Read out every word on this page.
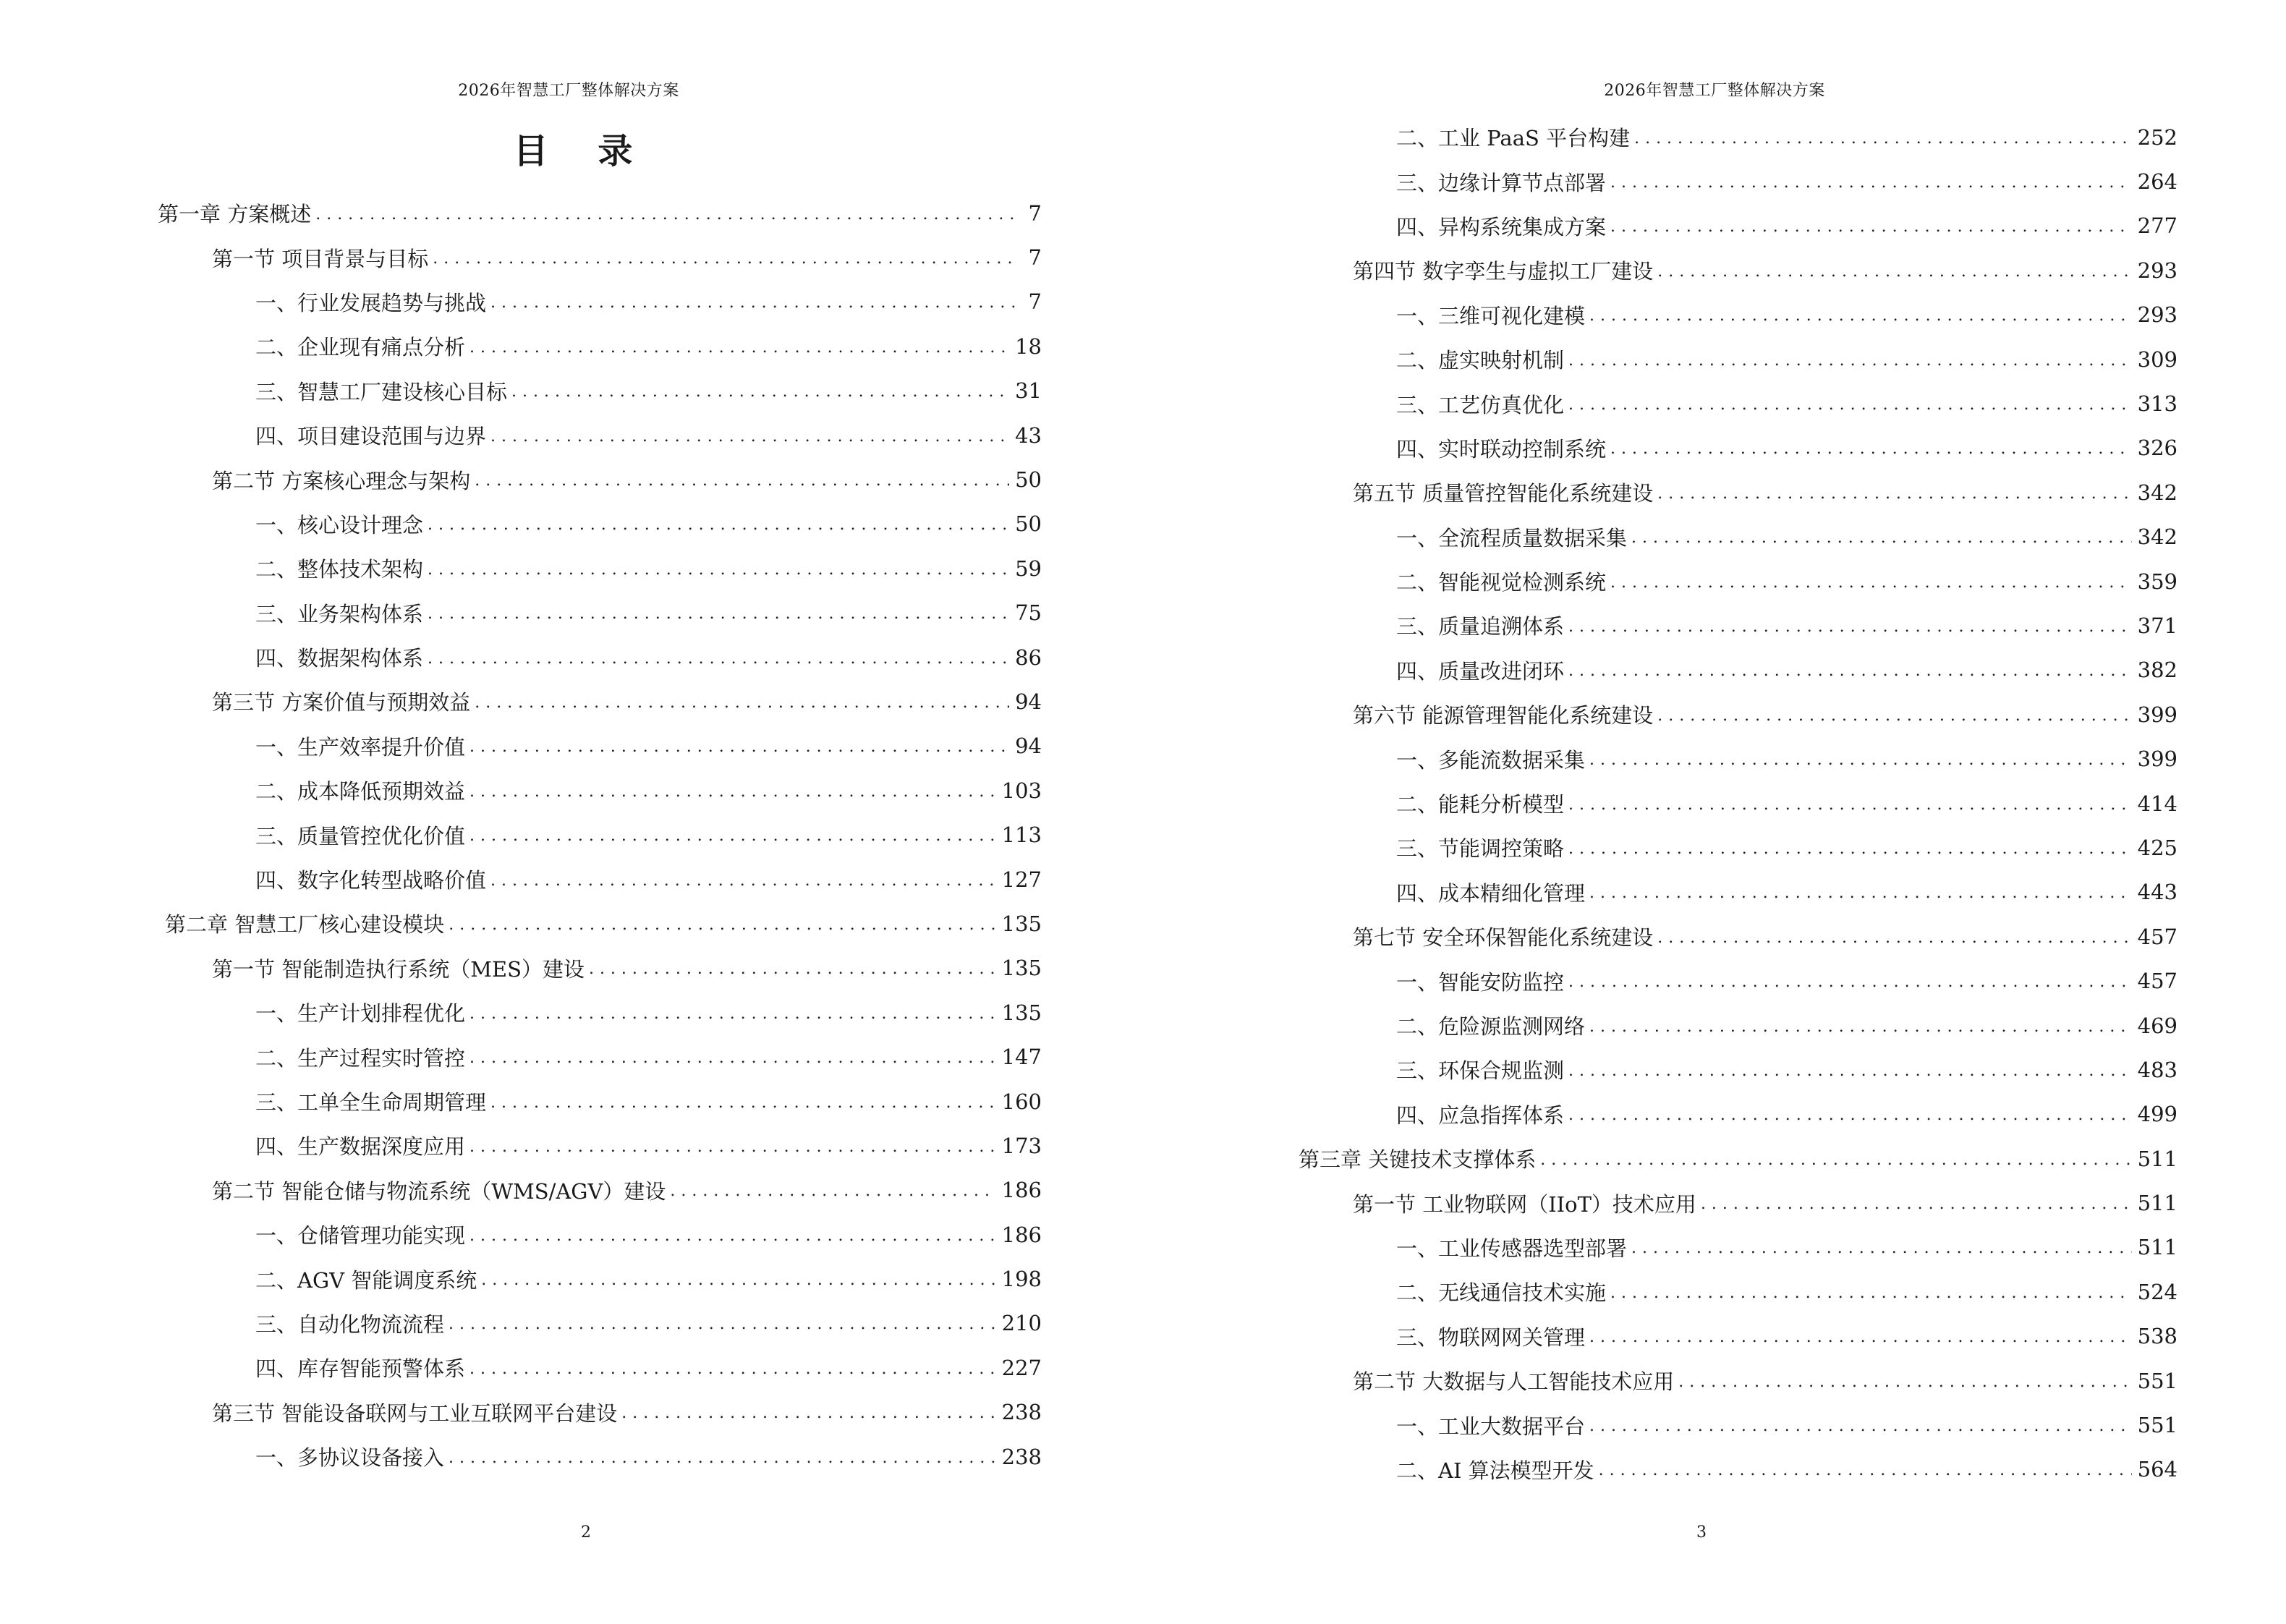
2026年智慧工厂整体解决方案
目 录
第一章 方案概述 . . .	7
第一节 项目背景与目标 . . .	7
一、行业发展趋势与挑战 . . .	7
二、企业现有痛点分析 . . .	18
三、智慧工厂建设核心目标 . . .	31
四、项目建设范围与边界 . . .	43
第二节 方案核心理念与架构 . . .	50
一、核心设计理念 . . .	50
二、整体技术架构 . . .	59
三、业务架构体系 . . .	75
四、数据架构体系 . . .	86
第三节 方案价值与预期效益 . . .	94
一、生产效率提升价值 . . .	94
二、成本降低预期效益 . . .	103
三、质量管控优化价值 . . .	113
四、数字化转型战略价值 . . .	127
第二章 智慧工厂核心建设模块 . . .	135
第一节 智能制造执行系统（MES）建设 . . .	135
一、生产计划排程优化 . . .	135
二、生产过程实时管控 . . .	147
三、工单全生命周期管理 . . .	160
四、生产数据深度应用 . . .	173
第二节 智能仓储与物流系统（WMS/AGV）建设 . . .	186
一、仓储管理功能实现 . . .	186
二、AGV 智能调度系统 . . .	198
三、自动化物流流程 . . .	210
四、库存智能预警体系 . . .	227
第三节 智能设备联网与工业互联网平台建设 . . .	238
一、多协议设备接入 . . .	238
2
2026年智慧工厂整体解决方案
二、工业 PaaS 平台构建 . . .	252
三、边缘计算节点部署 . . .	264
四、异构系统集成方案 . . .	277
第四节 数字孪生与虚拟工厂建设 . . .	293
一、三维可视化建模 . . .	293
二、虚实映射机制 . . .	309
三、工艺仿真优化 . . .	313
四、实时联动控制系统 . . .	326
第五节 质量管控智能化系统建设 . . .	342
一、全流程质量数据采集 . . .	342
二、智能视觉检测系统 . . .	359
三、质量追溯体系 . . .	371
四、质量改进闭环 . . .	382
第六节 能源管理智能化系统建设 . . .	399
一、多能流数据采集 . . .	399
二、能耗分析模型 . . .	414
三、节能调控策略 . . .	425
四、成本精细化管理 . . .	443
第七节 安全环保智能化系统建设 . . .	457
一、智能安防监控 . . .	457
二、危险源监测网络 . . .	469
三、环保合规监测 . . .	483
四、应急指挥体系 . . .	499
第三章 关键技术支撑体系 . . .	511
第一节 工业物联网（IIoT）技术应用 . . .	511
一、工业传感器选型部署 . . .	511
二、无线通信技术实施 . . .	524
三、物联网网关管理 . . .	538
第二节 大数据与人工智能技术应用 . . .	551
一、工业大数据平台 . . .	551
二、AI 算法模型开发 . . .	564
3
